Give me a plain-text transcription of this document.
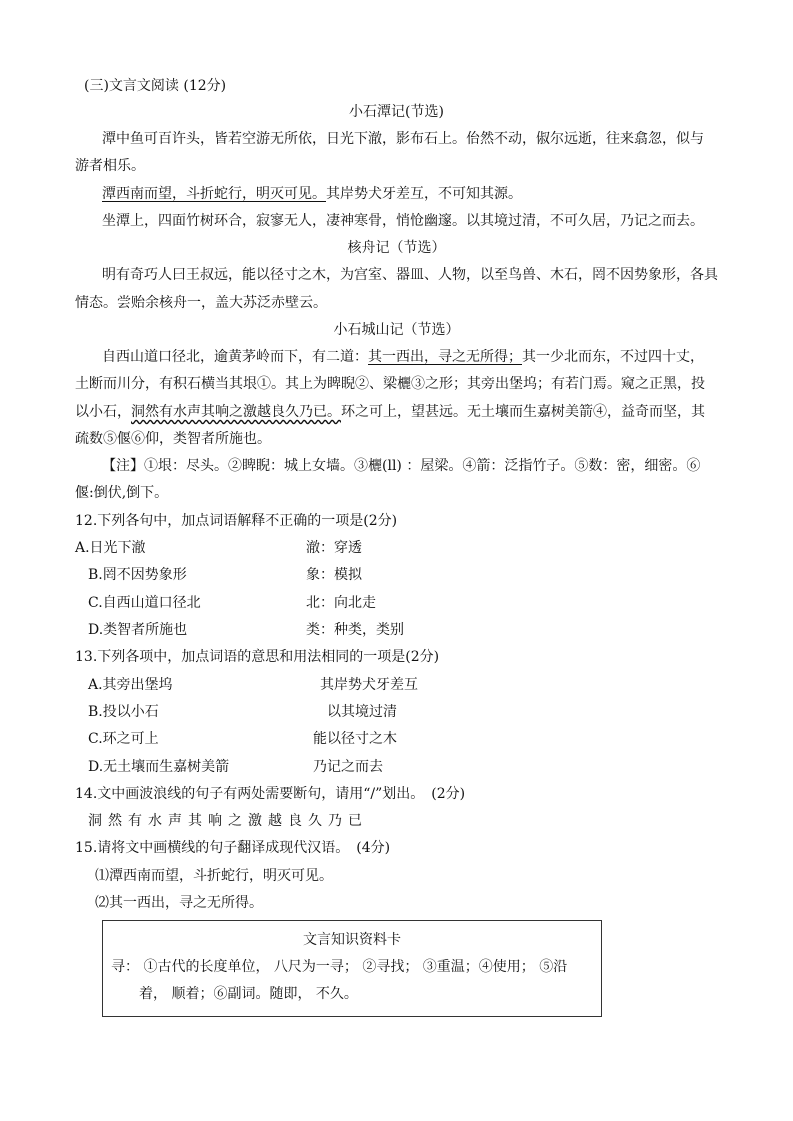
(三)文言文阅读 (12分)
小石潭记(节选)
潭中鱼可百许头，皆若空游无所依，日光下澈，影布石上。佁然不动，俶尔远逝，往来翕忽，似与
游者相乐。
潭西南而望，斗折蛇行，明灭可见。其岸势犬牙差互，不可知其源。
坐潭上，四面竹树环合，寂寥无人，凄神寒骨，悄怆幽邃。以其境过清，不可久居，乃记之而去。
核舟记（节选）
明有奇巧人曰王叔远，能以径寸之木，为宫室、器皿、人物，以至鸟兽、木石，罔不因势象形，各具
情态。尝贻余核舟一，盖大苏泛赤壁云。
小石城山记（节选）
自西山道口径北，逾黄茅岭而下，有二道：其一西出，寻之无所得；其一少北而东，不过四十丈，
土断而川分，有积石横当其垠①。其上为睥睨②、梁欐③之形；其旁出堡坞；有若门焉。窥之正黑，投
以小石，洞然有水声其响之激越良久乃已。环之可上，望甚远。无土壤而生嘉树美箭④，益奇而坚，其
疏数⑤偃⑥仰，类智者所施也。
【注】①垠：尽头。②睥睨：城上女墙。③欐(ll) ：屋梁。④箭：泛指竹子。⑤数：密，细密。⑥
偃:倒伏,倒下。
12.下列各句中，加点词语解释不正确的一项是(2分)
A.日光下澈	澈：穿透
B.罔不因势象形	象：模拟
C.自西山道口径北	北：向北走
D.类智者所施也	类：种类，类别
13.下列各项中，加点词语的意思和用法相同的一项是(2分)
A.其旁出堡坞	其岸势犬牙差互
B.投以小石	以其境过清
C.环之可上	能以径寸之木
D.无土壤而生嘉树美箭	乃记之而去
14.文中画波浪线的句子有两处需要断句，请用“/”划出。　(2分)
洞然有水声其响之激越良久乃已
15.请将文中画横线的句子翻译成现代汉语。　(4分)
⑴潭西南而望，斗折蛇行，明灭可见。
⑵其一西出，寻之无所得。
文言知识资料卡
寻： ①古代的长度单位， 八尺为一寻； ②寻找； ③重温；④使用； ⑤沿
着， 顺着；⑥副词。随即， 不久。
